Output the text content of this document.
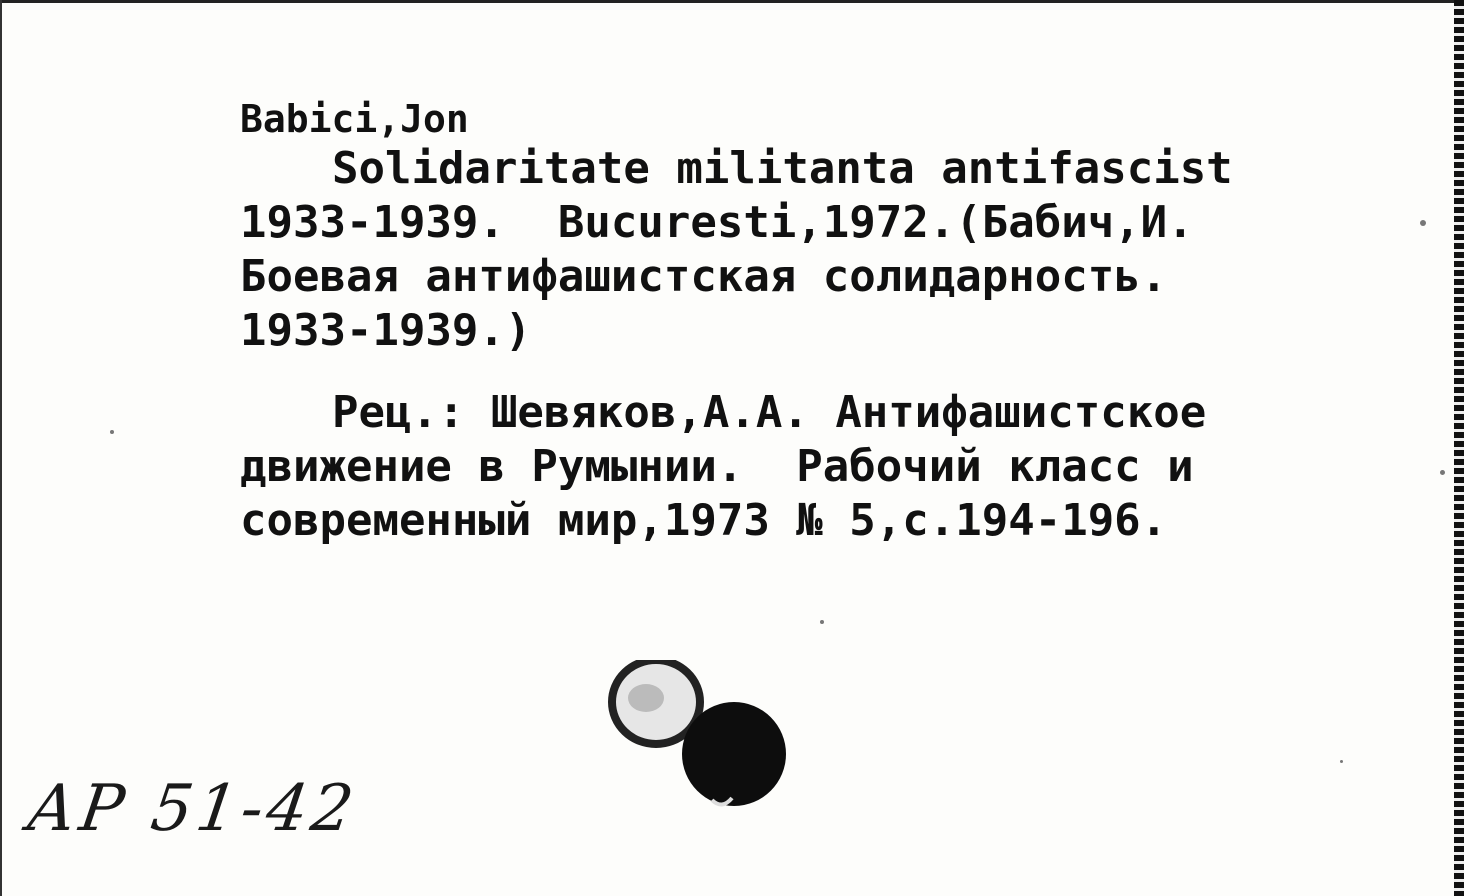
Babici,Jon
Solidaritate militanta antifascist
1933-1939.  Bucuresti,1972.(Бабич,И.
Боевая антифашистская солидарность.
1933-1939.)
Рец.: Шевяков,А.А. Антифашистское
движение в Румынии.  Рабочий класс и
современный мир,1973 № 5,с.194-196.
АР 51-42
